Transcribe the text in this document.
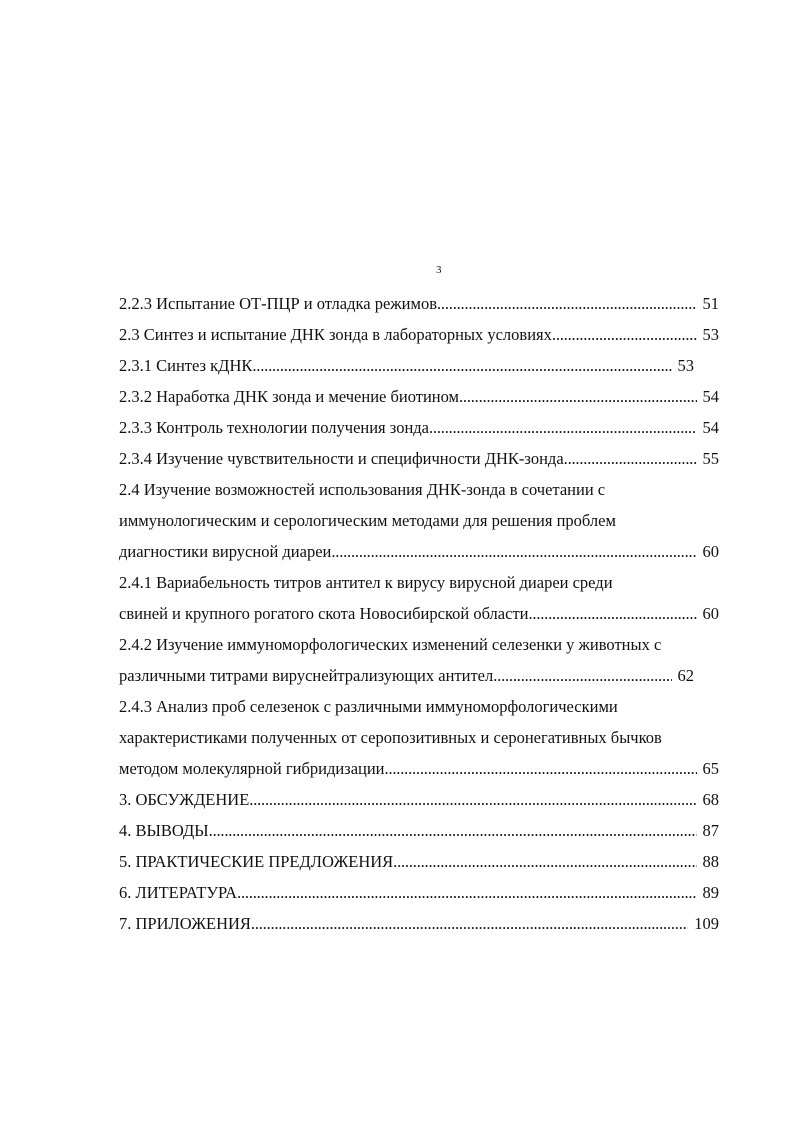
3
2.2.3 Испытание ОТ-ПЦР и отладка режимов .....	51
2.3 Синтез и испытание ДНК зонда в лабораторных условиях .....	53
2.3.1 Синтез кДНК .....	53
2.3.2 Наработка ДНК зонда и мечение биотином .....	54
2.3.3 Контроль технологии получения зонда .....	54
2.3.4 Изучение чувствительности и специфичности ДНК-зонда .....	55
2.4 Изучение возможностей использования ДНК-зонда в сочетании с
иммунологическим и серологическим методами для решения проблем
диагностики вирусной диареи .....	60
2.4.1 Вариабельность титров антител к вирусу вирусной диареи среди
свиней и крупного рогатого скота Новосибирской области .....	60
2.4.2 Изучение иммуноморфологических изменений селезенки у животных с
различными титрами вируснейтрализующих антител .....	62
2.4.3 Анализ проб селезенок с различными иммуноморфологическими
характеристиками полученных от серопозитивных и серонегативных бычков
методом молекулярной гибридизации .....	65
3. ОБСУЖДЕНИЕ .....	68
4. ВЫВОДЫ .....	87
5. ПРАКТИЧЕСКИЕ ПРЕДЛОЖЕНИЯ .....	88
6. ЛИТЕРАТУРА .....	89
7. ПРИЛОЖЕНИЯ .....	109
